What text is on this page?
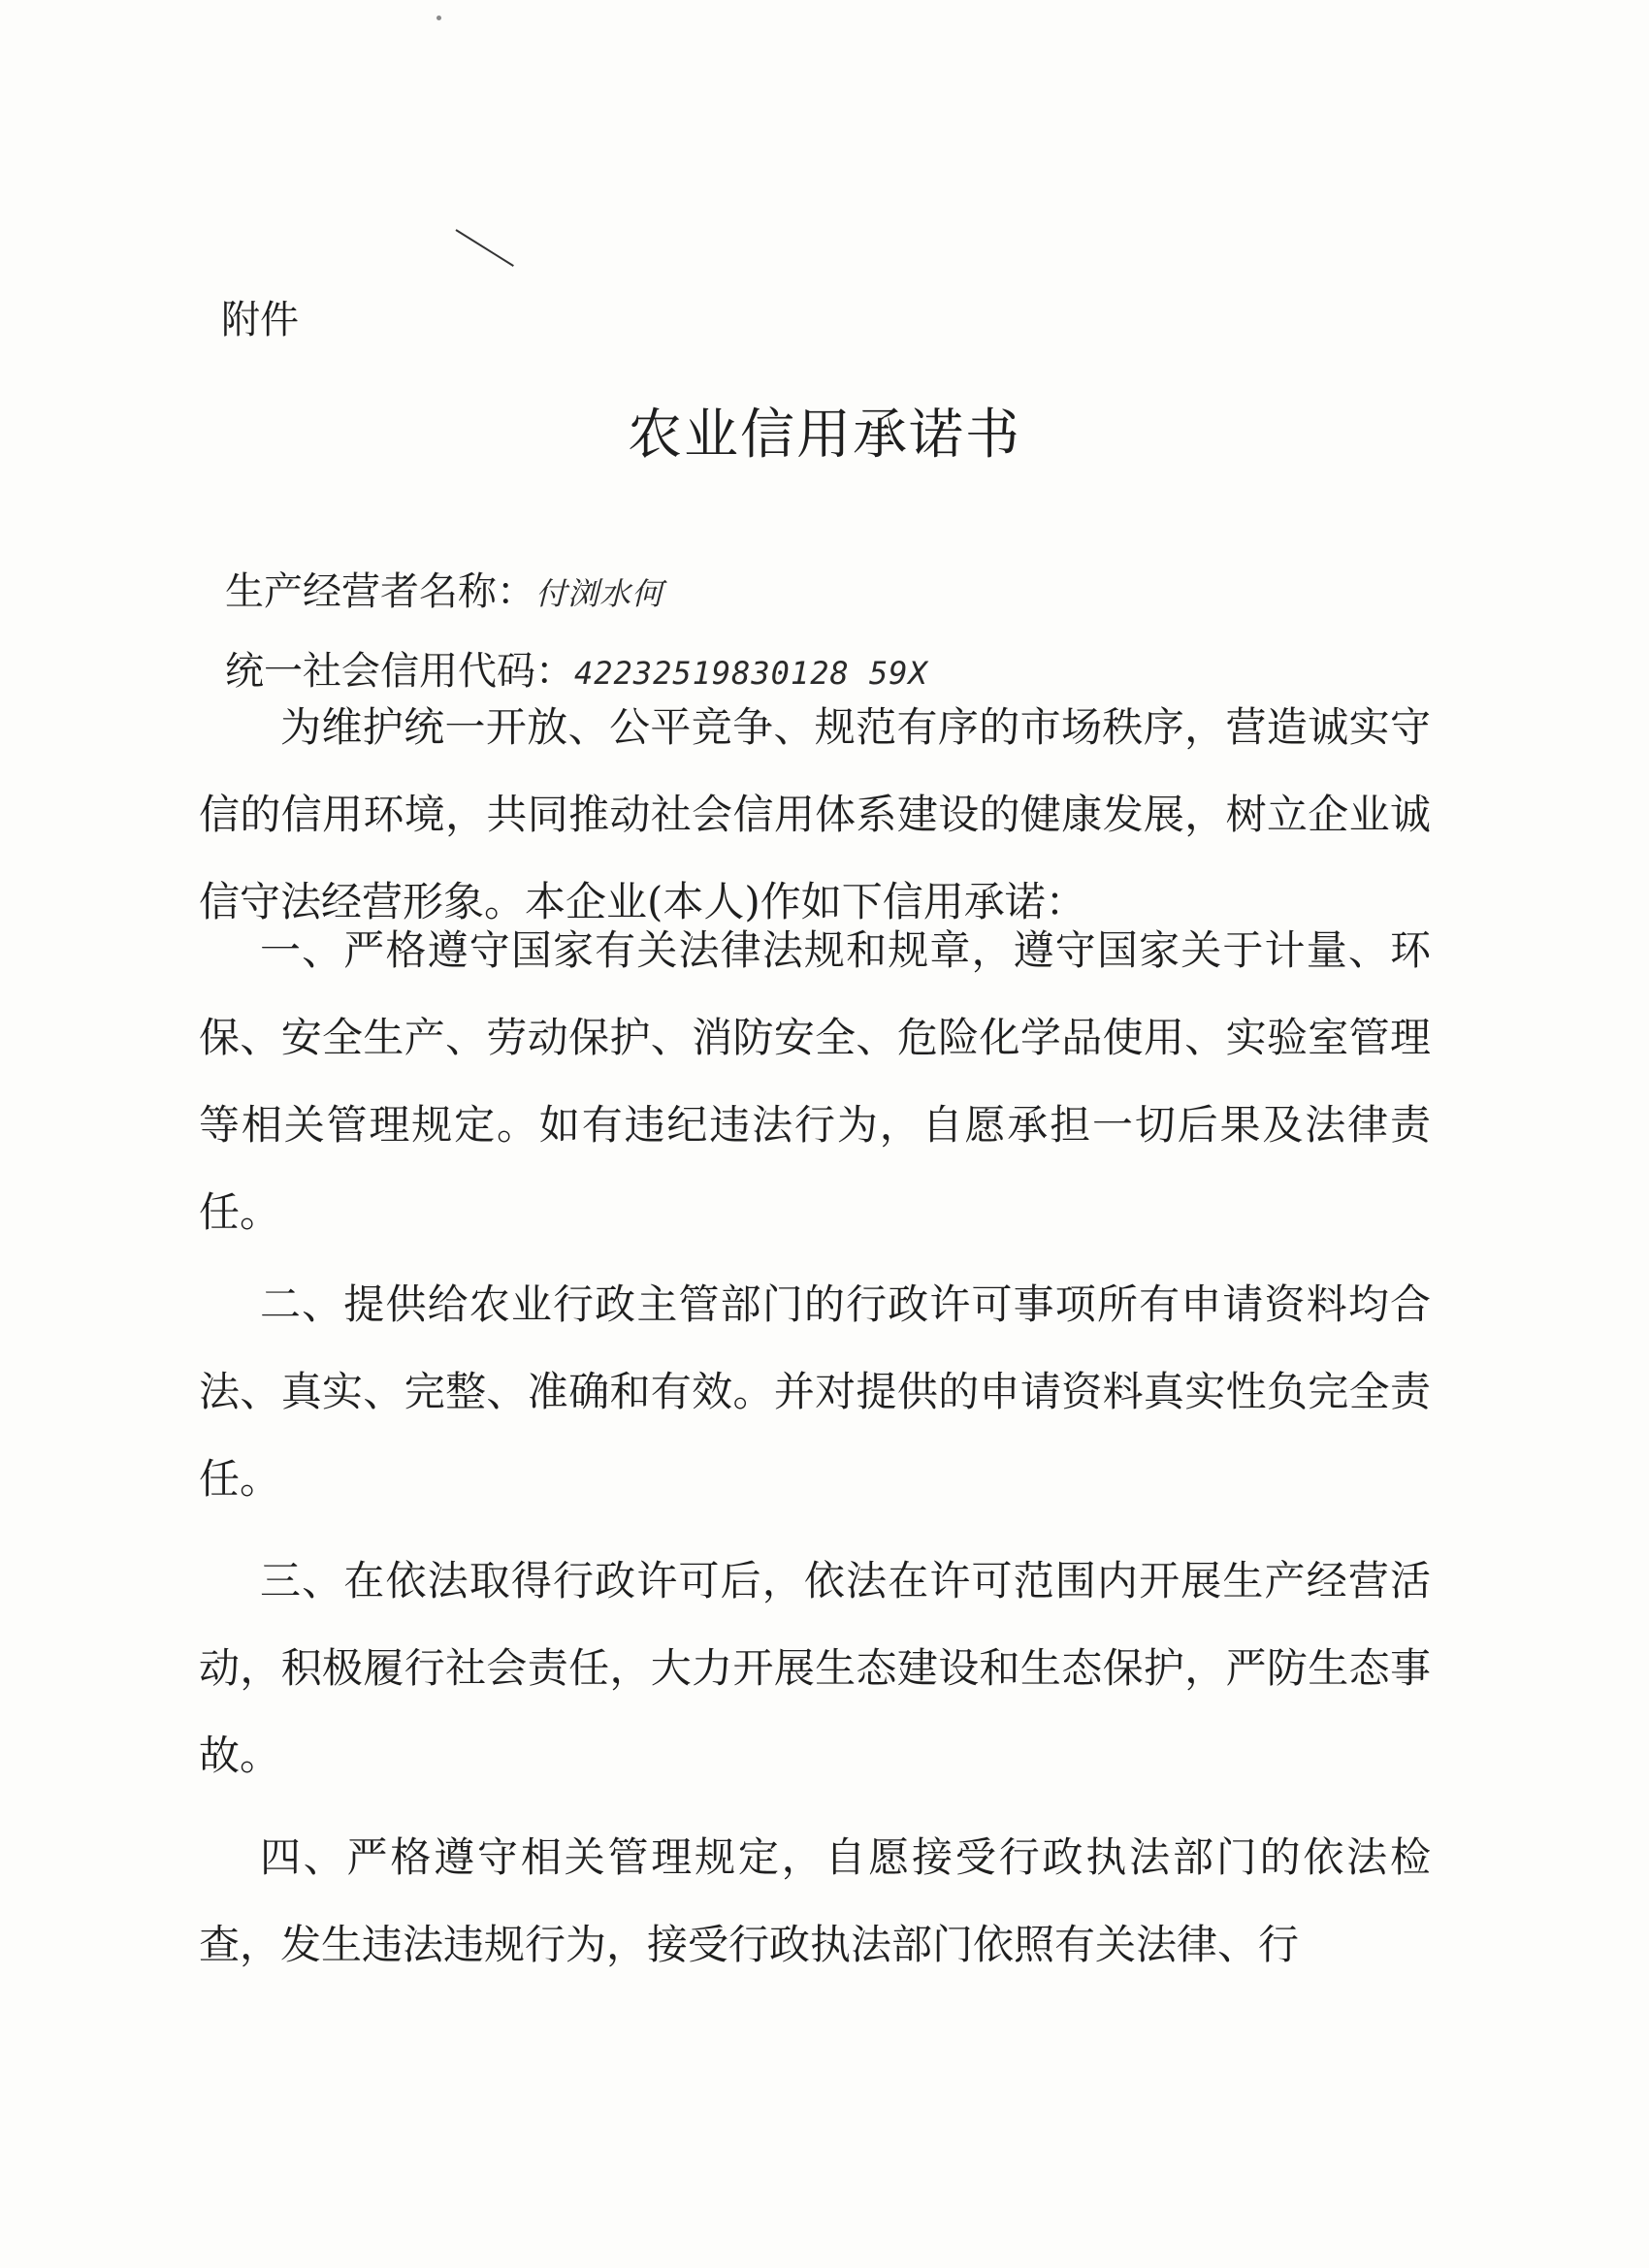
附件
农业信用承诺书
生产经营者名称：付浏水何
统一社会信用代码：42232519830128 59X
为维护统一开放、公平竞争、规范有序的市场秩序，营造诚实守信的信用环境，共同推动社会信用体系建设的健康发展，树立企业诚信守法经营形象。本企业(本人)作如下信用承诺：
一、严格遵守国家有关法律法规和规章，遵守国家关于计量、环保、安全生产、劳动保护、消防安全、危险化学品使用、实验室管理等相关管理规定。如有违纪违法行为，自愿承担一切后果及法律责任。
二、提供给农业行政主管部门的行政许可事项所有申请资料均合法、真实、完整、准确和有效。并对提供的申请资料真实性负完全责任。
三、在依法取得行政许可后，依法在许可范围内开展生产经营活动，积极履行社会责任，大力开展生态建设和生态保护，严防生态事故。
四、严格遵守相关管理规定，自愿接受行政执法部门的依法检查，发生违法违规行为，接受行政执法部门依照有关法律、行
